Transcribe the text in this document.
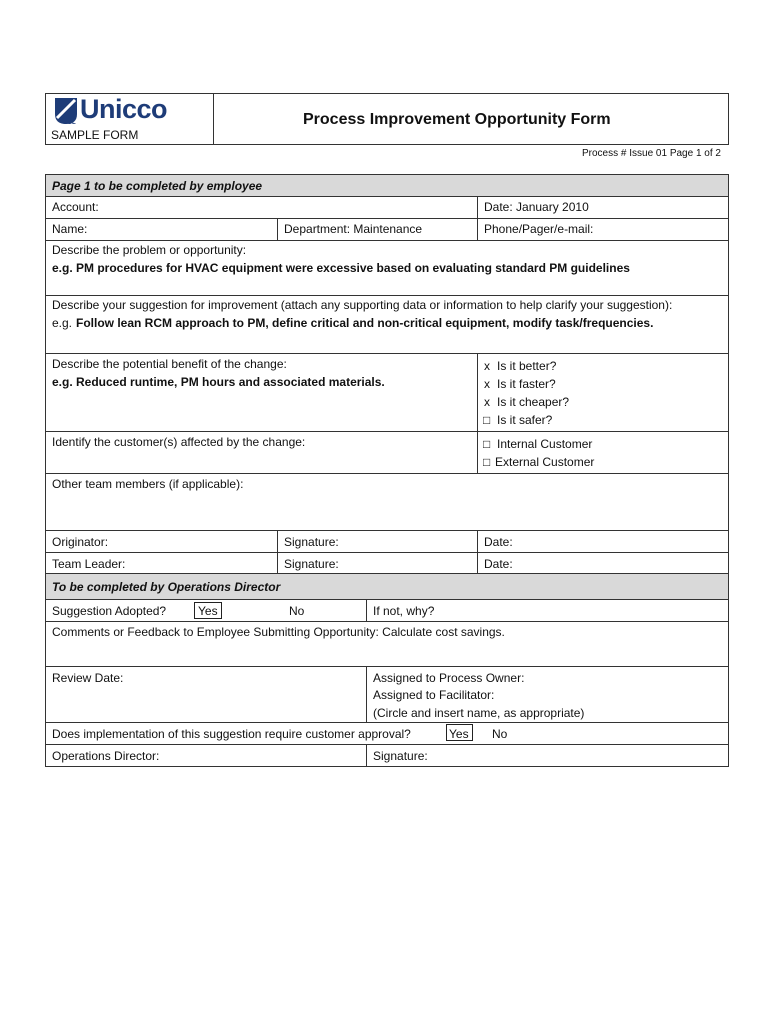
Unicco
UGL
SAMPLE FORM
Process Improvement Opportunity Form
Process # Issue 01 Page 1 of 2
Page 1 to be completed by employee
Account:	Date: January 2010
Name:	Department: Maintenance	Phone/Pager/e-mail:
Describe the problem or opportunity:
e.g. PM procedures for HVAC equipment were excessive based on evaluating standard PM guidelines
Describe your suggestion for improvement (attach any supporting data or information to help clarify your suggestion):
e.g. Follow lean RCM approach to PM, define critical and non-critical equipment, modify task/frequencies.
Describe the potential benefit of the change:
e.g. Reduced runtime, PM hours and associated materials.
x Is it better?
x Is it faster?
x Is it cheaper?
□ Is it safer?
Identify the customer(s) affected by the change:	□ Internal Customer
□ External Customer
Other team members (if applicable):
Originator:	Signature:	Date:
Team Leader:	Signature:	Date:
To be completed by Operations Director
Suggestion Adopted?	Yes	No	If not, why?
Comments or Feedback to Employee Submitting Opportunity: Calculate cost savings.
Review Date:	Assigned to Process Owner:
Assigned to Facilitator:
(Circle and insert name, as appropriate)
Does implementation of this suggestion require customer approval?	Yes No
Operations Director:	Signature:
